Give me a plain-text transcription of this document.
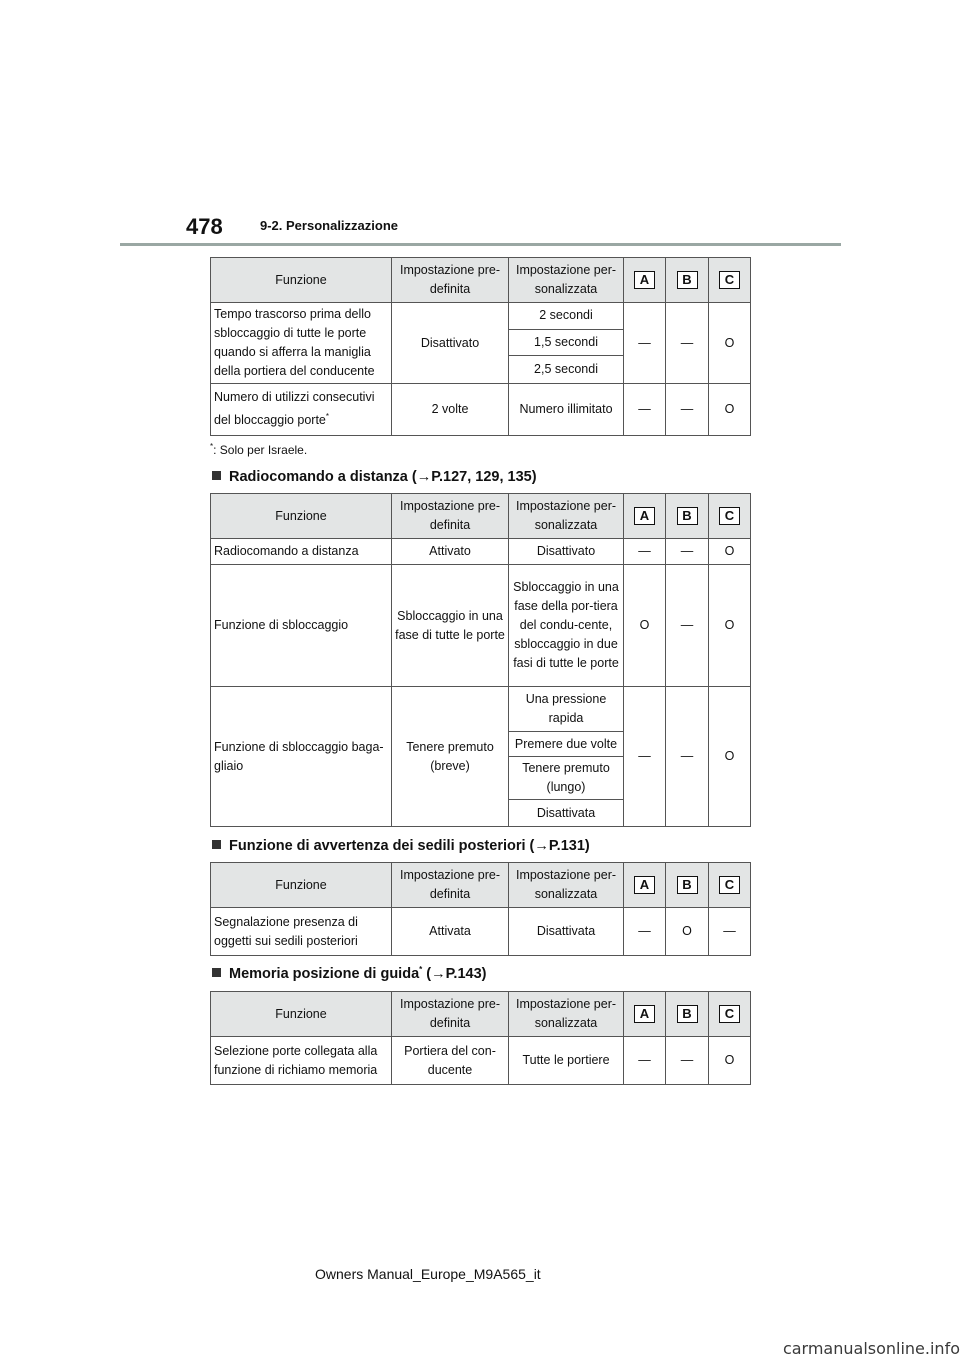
478	9-2. Personalizzazione
Funzione	Impostazione pre-definita	Impostazione per-sonalizzata	A	B	C
Tempo trascorso prima dello sbloccaggio di tutte le porte quando si afferra la maniglia della portiera del conducente	Disattivato	2 secondi	—	—	O
		1,5 secondi			
		2,5 secondi			
Numero di utilizzi consecutivi del bloccaggio porte*	2 volte	Numero illimitato	—	—	O
*: Solo per Israele.
Radiocomando a distanza (→P.127, 129, 135)
Funzione	Impostazione pre-definita	Impostazione per-sonalizzata	A	B	C
Radiocomando a distanza	Attivato	Disattivato	—	—	O
Funzione di sbloccaggio	Sbloccaggio in una fase di tutte le porte	Sbloccaggio in una fase della por-tiera del condu-cente, sbloccaggio in due fasi di tutte le porte	O	—	O
Funzione di sbloccaggio baga-gliaio	Tenere premuto (breve)	Una pressione rapida	—	—	O
		Premere due volte			
		Tenere premuto (lungo)			
		Disattivata			
Funzione di avvertenza dei sedili posteriori (→P.131)
Funzione	Impostazione pre-definita	Impostazione per-sonalizzata	A	B	C
Segnalazione presenza di oggetti sui sedili posteriori	Attivata	Disattivata	—	O	—
Memoria posizione di guida* (→P.143)
Funzione	Impostazione pre-definita	Impostazione per-sonalizzata	A	B	C
Selezione porte collegata alla funzione di richiamo memoria	Portiera del con-ducente	Tutte le portiere	—	—	O
Owners Manual_Europe_M9A565_it
carmanualsonline.info
